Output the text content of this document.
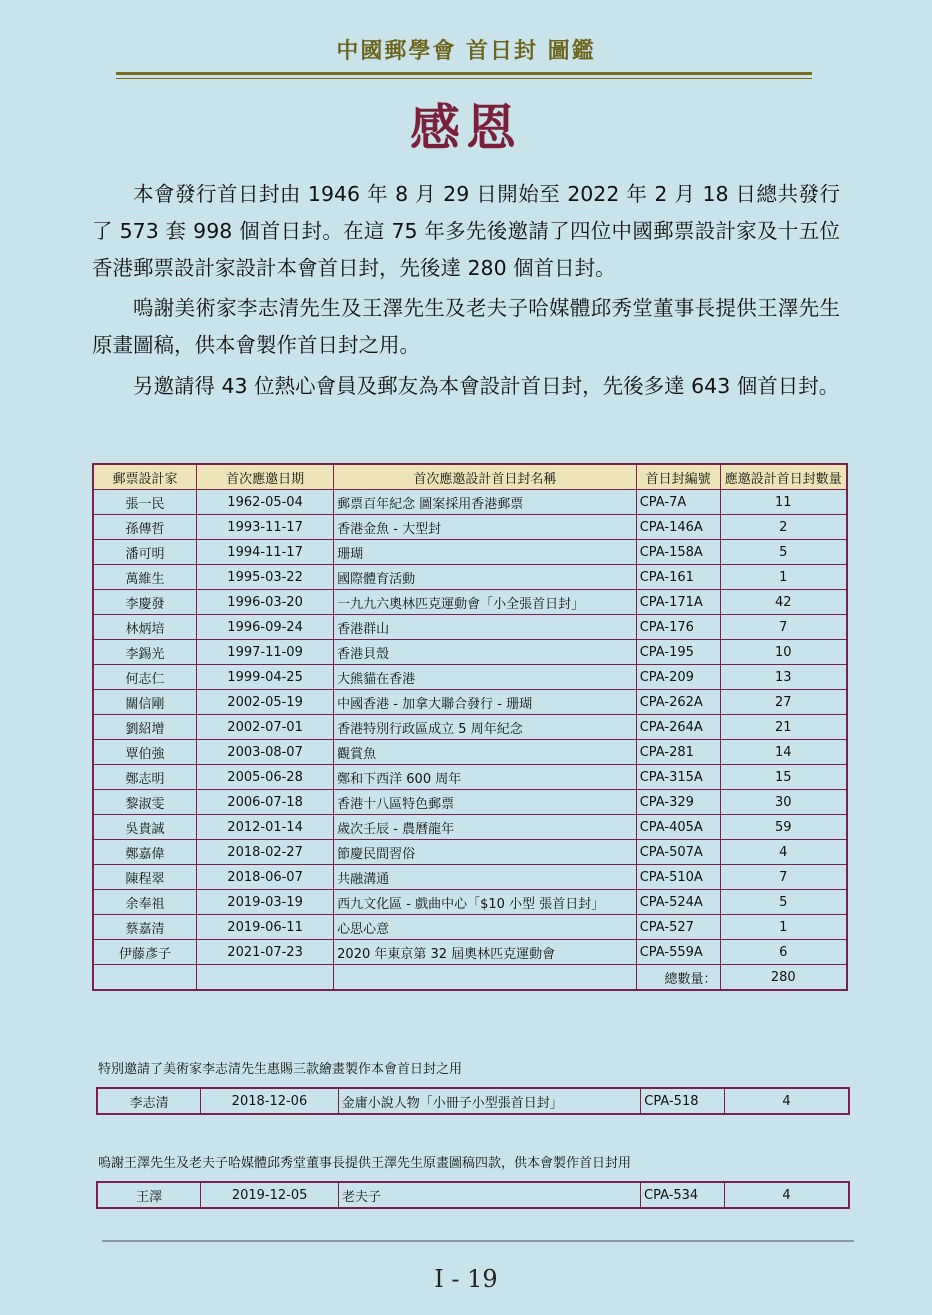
中國郵學會 首日封 圖鑑
感恩

本會發行首日封由 1946 年 8 月 29 日開始至 2022 年 2 月 18 日總共發行了 573 套 998 個首日封。在這 75 年多先後邀請了四位中國郵票設計家及十五位香港郵票設計家設計本會首日封，先後達 280 個首日封。

嗚謝美術家李志清先生及王澤先生及老夫子哈媒體邱秀堂董事長提供王澤先生原畫圖稿，供本會製作首日封之用。

另邀請得 43 位熱心會員及郵友為本會設計首日封，先後多達 643 個首日封。

郵票設計家	首次應邀日期	首次應邀設計首日封名稱	首日封編號	應邀設計首日封數量
張一民	1962-05-04	郵票百年紀念 圖案採用香港郵票	CPA-7A	11
孫傳哲	1993-11-17	香港金魚 - 大型封	CPA-146A	2
潘可明	1994-11-17	珊瑚	CPA-158A	5
萬維生	1995-03-22	國際體育活動	CPA-161	1
李慶發	1996-03-20	一九九六奧林匹克運動會「小全張首日封」	CPA-171A	42
林炳培	1996-09-24	香港群山	CPA-176	7
李錫光	1997-11-09	香港貝殼	CPA-195	10
何志仁	1999-04-25	大熊貓在香港	CPA-209	13
關信剛	2002-05-19	中國香港 - 加拿大聯合發行 - 珊瑚	CPA-262A	27
劉紹增	2002-07-01	香港特別行政區成立 5 周年紀念	CPA-264A	21
覃伯強	2003-08-07	觀賞魚	CPA-281	14
鄭志明	2005-06-28	鄭和下西洋 600 周年	CPA-315A	15
黎淑雯	2006-07-18	香港十八區特色郵票	CPA-329	30
吳貴誠	2012-01-14	歲次壬辰 - 農曆龍年	CPA-405A	59
鄭嘉偉	2018-02-27	節慶民間習俗	CPA-507A	4
陳程翠	2018-06-07	共融溝通	CPA-510A	7
余奉祖	2019-03-19	西九文化區 - 戲曲中心「$10 小型 張首日封」	CPA-524A	5
蔡嘉清	2019-06-11	心思心意	CPA-527	1
伊藤彥子	2021-07-23	2020 年東京第 32 屆奧林匹克運動會	CPA-559A	6
			總數量：	280
特別邀請了美術家李志清先生惠賜三款繪畫製作本會首日封之用
李志清	2018-12-06	金庸小說人物「小冊子小型張首日封」	CPA-518	4
嗚謝王澤先生及老夫子哈媒體邱秀堂董事長提供王澤先生原畫圖稿四款，供本會製作首日封用
王澤	2019-12-05	老夫子	CPA-534	4
I - 19
